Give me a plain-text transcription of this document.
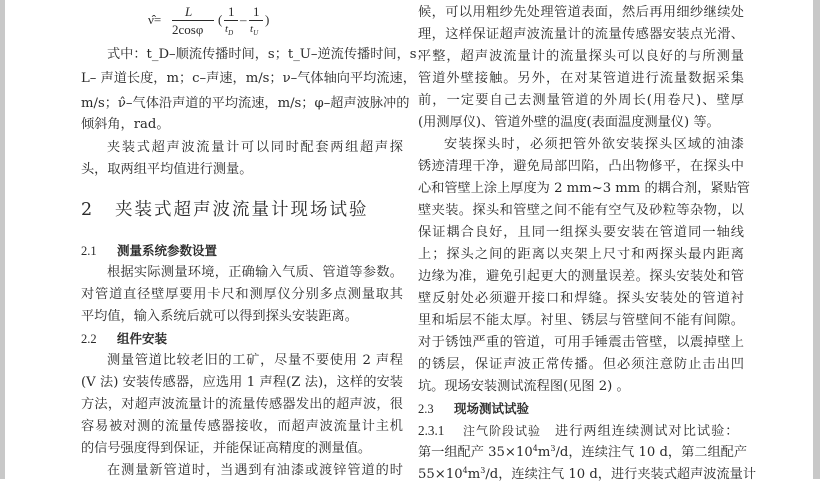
ν̂=
L
2cosφ
(
1
$t_D$
–
1
$t_U$
)
式中：t_D–顺流传播时间，s；t_U–逆流传播时间，s；
L– 声道长度，m；c–声速，m/s；ν–气体轴向平均流速，
m/s；ν̂–气体沿声道的平均流速，m/s；φ–超声波脉冲的
倾斜角，rad。
夹装式超声波流量计可以同时配套两组超声探
头，取两组平均值进行测量。
2 夹装式超声波流量计现场试验
2.1 测量系统参数设置
根据实际测量环境，正确输入气质、管道等参数。
对管道直径壁厚要用卡尺和测厚仪分别多点测量取其
平均值，输入系统后就可以得到探头安装距离。
2.2 组件安装
测量管道比较老旧的工矿，尽量不要使用 2 声程
(V 法) 安装传感器，应选用 1 声程(Z 法)，这样的安装
方法，对超声波流量计的流量传感器发出的超声波，很
容易被对测的流量传感器接收，而超声波流量计主机
的信号强度得到保证，并能保证高精度的测量值。
在测量新管道时，当遇到有油漆或渡锌管道的时
候，可以用粗纱先处理管道表面，然后再用细纱继续处
理，这样保证超声波流量计的流量传感器安装点光滑、
平整，超声波流量计的流量探头可以良好的与所测量
管道外壁接触。另外，在对某管道进行流量数据采集
前，一定要自己去测量管道的外周长(用卷尺)、壁厚
(用测厚仪)、管道外壁的温度(表面温度测量仪) 等。
安装探头时，必须把管外欲安装探头区域的油漆
锈迹清理干净，避免局部凹陷，凸出物修平，在探头中
心和管壁上涂上厚度为 2 mm~3 mm 的耦合剂，紧贴管
壁夹装。探头和管壁之间不能有空气及砂粒等杂物，以
保证耦合良好，且同一组探头要安装在管道同一轴线
上；探头之间的距离以夹架上尺寸和两探头最内距离
边缘为准，避免引起更大的测量误差。探头安装处和管
壁反射处必须避开接口和焊缝。探头安装处的管道衬
里和垢层不能太厚。衬里、锈层与管壁间不能有间隙。
对于锈蚀严重的管道，可用手锤震击管壁，以震掉壁上
的锈层，保证声波正常传播。但必须注意防止击出凹
坑。现场安装测试流程图(见图 2) 。
2.3 现场测试试验
2.3.1 注气阶段试验 进行两组连续测试对比试验：
第一组配产 $35\times 10^4m^3/d$，连续注气 10 d，第二组配产
$55\times 10^4m^3/d$，连续注气 10 d，进行夹装式超声波流量计
